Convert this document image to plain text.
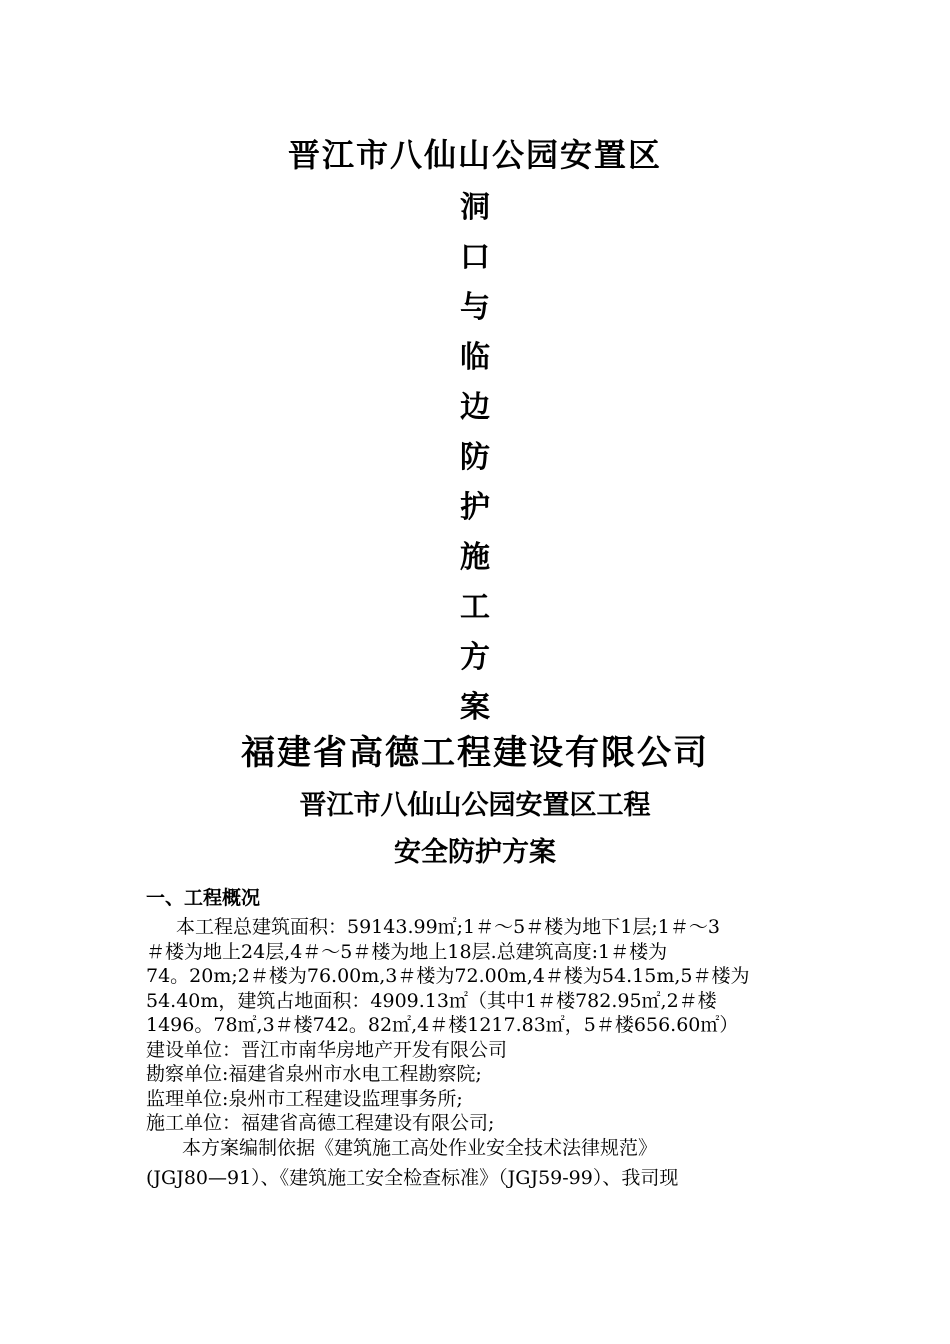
晋江市八仙山公园安置区
洞
口
与
临
边
防
护
施
工
方
案
福建省高德工程建设有限公司
晋江市八仙山公园安置区工程
安全防护方案
一、工程概况

本工程总建筑面积：59143.99㎡;1＃～5＃楼为地下1层;1＃～3

＃楼为地上24层,4＃～5＃楼为地上18层.总建筑高度:1＃楼为

74。20m;2＃楼为76.00m,3＃楼为72.00m,4＃楼为54.15m,5＃楼为

54.40m，建筑占地面积：4909.13㎡（其中1＃楼782.95㎡,2＃楼

1496。78㎡,3＃楼742。82㎡,4＃楼1217.83㎡，5＃楼656.60㎡）

建设单位：晋江市南华房地产开发有限公司

勘察单位:福建省泉州市水电工程勘察院;

监理单位:泉州市工程建设监理事务所;

施工单位：福建省高德工程建设有限公司;

本方案编制依据《建筑施工高处作业安全技术法律规范》

(JGJ80—91）、《建筑施工安全检查标准》（JGJ59-99）、我司现
